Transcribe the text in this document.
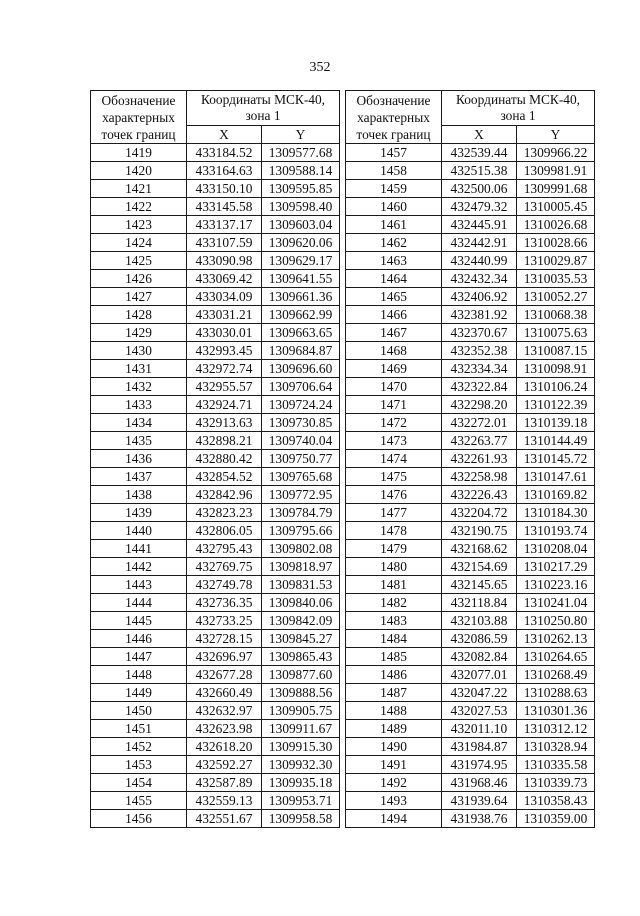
352
Обозначение
характерных
точек границ	Координаты МСК-40,
зона 1	
	X	Y
1419	433184.52	1309577.68
1420	433164.63	1309588.14
1421	433150.10	1309595.85
1422	433145.58	1309598.40
1423	433137.17	1309603.04
1424	433107.59	1309620.06
1425	433090.98	1309629.17
1426	433069.42	1309641.55
1427	433034.09	1309661.36
1428	433031.21	1309662.99
1429	433030.01	1309663.65
1430	432993.45	1309684.87
1431	432972.74	1309696.60
1432	432955.57	1309706.64
1433	432924.71	1309724.24
1434	432913.63	1309730.85
1435	432898.21	1309740.04
1436	432880.42	1309750.77
1437	432854.52	1309765.68
1438	432842.96	1309772.95
1439	432823.23	1309784.79
1440	432806.05	1309795.66
1441	432795.43	1309802.08
1442	432769.75	1309818.97
1443	432749.78	1309831.53
1444	432736.35	1309840.06
1445	432733.25	1309842.09
1446	432728.15	1309845.27
1447	432696.97	1309865.43
1448	432677.28	1309877.60
1449	432660.49	1309888.56
1450	432632.97	1309905.75
1451	432623.98	1309911.67
1452	432618.20	1309915.30
1453	432592.27	1309932.30
1454	432587.89	1309935.18
1455	432559.13	1309953.71
1456	432551.67	1309958.58
Обозначение
характерных
точек границ	Координаты МСК-40,
зона 1	
	X	Y
1457	432539.44	1309966.22
1458	432515.38	1309981.91
1459	432500.06	1309991.68
1460	432479.32	1310005.45
1461	432445.91	1310026.68
1462	432442.91	1310028.66
1463	432440.99	1310029.87
1464	432432.34	1310035.53
1465	432406.92	1310052.27
1466	432381.92	1310068.38
1467	432370.67	1310075.63
1468	432352.38	1310087.15
1469	432334.34	1310098.91
1470	432322.84	1310106.24
1471	432298.20	1310122.39
1472	432272.01	1310139.18
1473	432263.77	1310144.49
1474	432261.93	1310145.72
1475	432258.98	1310147.61
1476	432226.43	1310169.82
1477	432204.72	1310184.30
1478	432190.75	1310193.74
1479	432168.62	1310208.04
1480	432154.69	1310217.29
1481	432145.65	1310223.16
1482	432118.84	1310241.04
1483	432103.88	1310250.80
1484	432086.59	1310262.13
1485	432082.84	1310264.65
1486	432077.01	1310268.49
1487	432047.22	1310288.63
1488	432027.53	1310301.36
1489	432011.10	1310312.12
1490	431984.87	1310328.94
1491	431974.95	1310335.58
1492	431968.46	1310339.73
1493	431939.64	1310358.43
1494	431938.76	1310359.00
